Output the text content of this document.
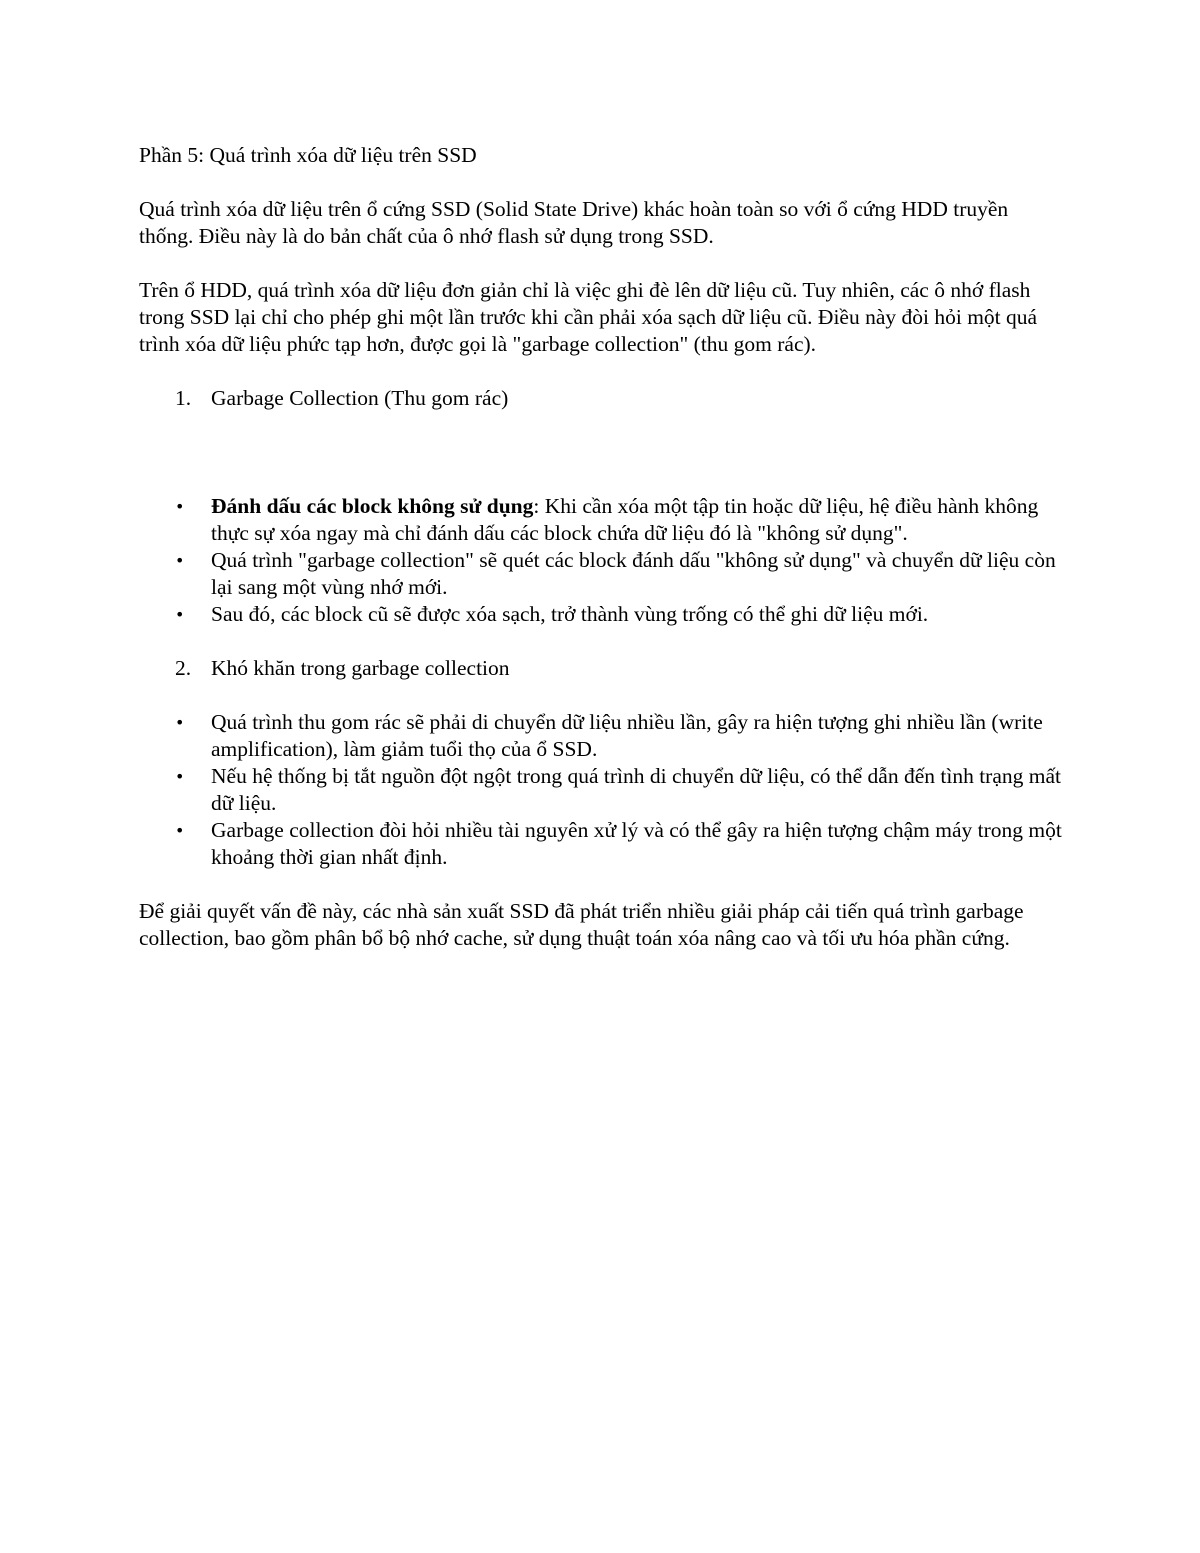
Phần 5: Quá trình xóa dữ liệu trên SSD

Quá trình xóa dữ liệu trên ổ cứng SSD (Solid State Drive) khác hoàn toàn so với ổ cứng HDD truyền thống. Điều này là do bản chất của ô nhớ flash sử dụng trong SSD.

Trên ổ HDD, quá trình xóa dữ liệu đơn giản chỉ là việc ghi đè lên dữ liệu cũ. Tuy nhiên, các ô nhớ flash trong SSD lại chỉ cho phép ghi một lần trước khi cần phải xóa sạch dữ liệu cũ. Điều này đòi hỏi một quá trình xóa dữ liệu phức tạp hơn, được gọi là "garbage collection" (thu gom rác).

1. Garbage Collection (Thu gom rác)
• Đánh dấu các block không sử dụng: Khi cần xóa một tập tin hoặc dữ liệu, hệ điều hành không thực sự xóa ngay mà chỉ đánh dấu các block chứa dữ liệu đó là "không sử dụng".
• Quá trình "garbage collection" sẽ quét các block đánh dấu "không sử dụng" và chuyển dữ liệu còn lại sang một vùng nhớ mới.
• Sau đó, các block cũ sẽ được xóa sạch, trở thành vùng trống có thể ghi dữ liệu mới.
2. Khó khăn trong garbage collection
• Quá trình thu gom rác sẽ phải di chuyển dữ liệu nhiều lần, gây ra hiện tượng ghi nhiều lần (write amplification), làm giảm tuổi thọ của ổ SSD.
• Nếu hệ thống bị tắt nguồn đột ngột trong quá trình di chuyển dữ liệu, có thể dẫn đến tình trạng mất dữ liệu.
• Garbage collection đòi hỏi nhiều tài nguyên xử lý và có thể gây ra hiện tượng chậm máy trong một khoảng thời gian nhất định.

Để giải quyết vấn đề này, các nhà sản xuất SSD đã phát triển nhiều giải pháp cải tiến quá trình garbage collection, bao gồm phân bổ bộ nhớ cache, sử dụng thuật toán xóa nâng cao và tối ưu hóa phần cứng.
